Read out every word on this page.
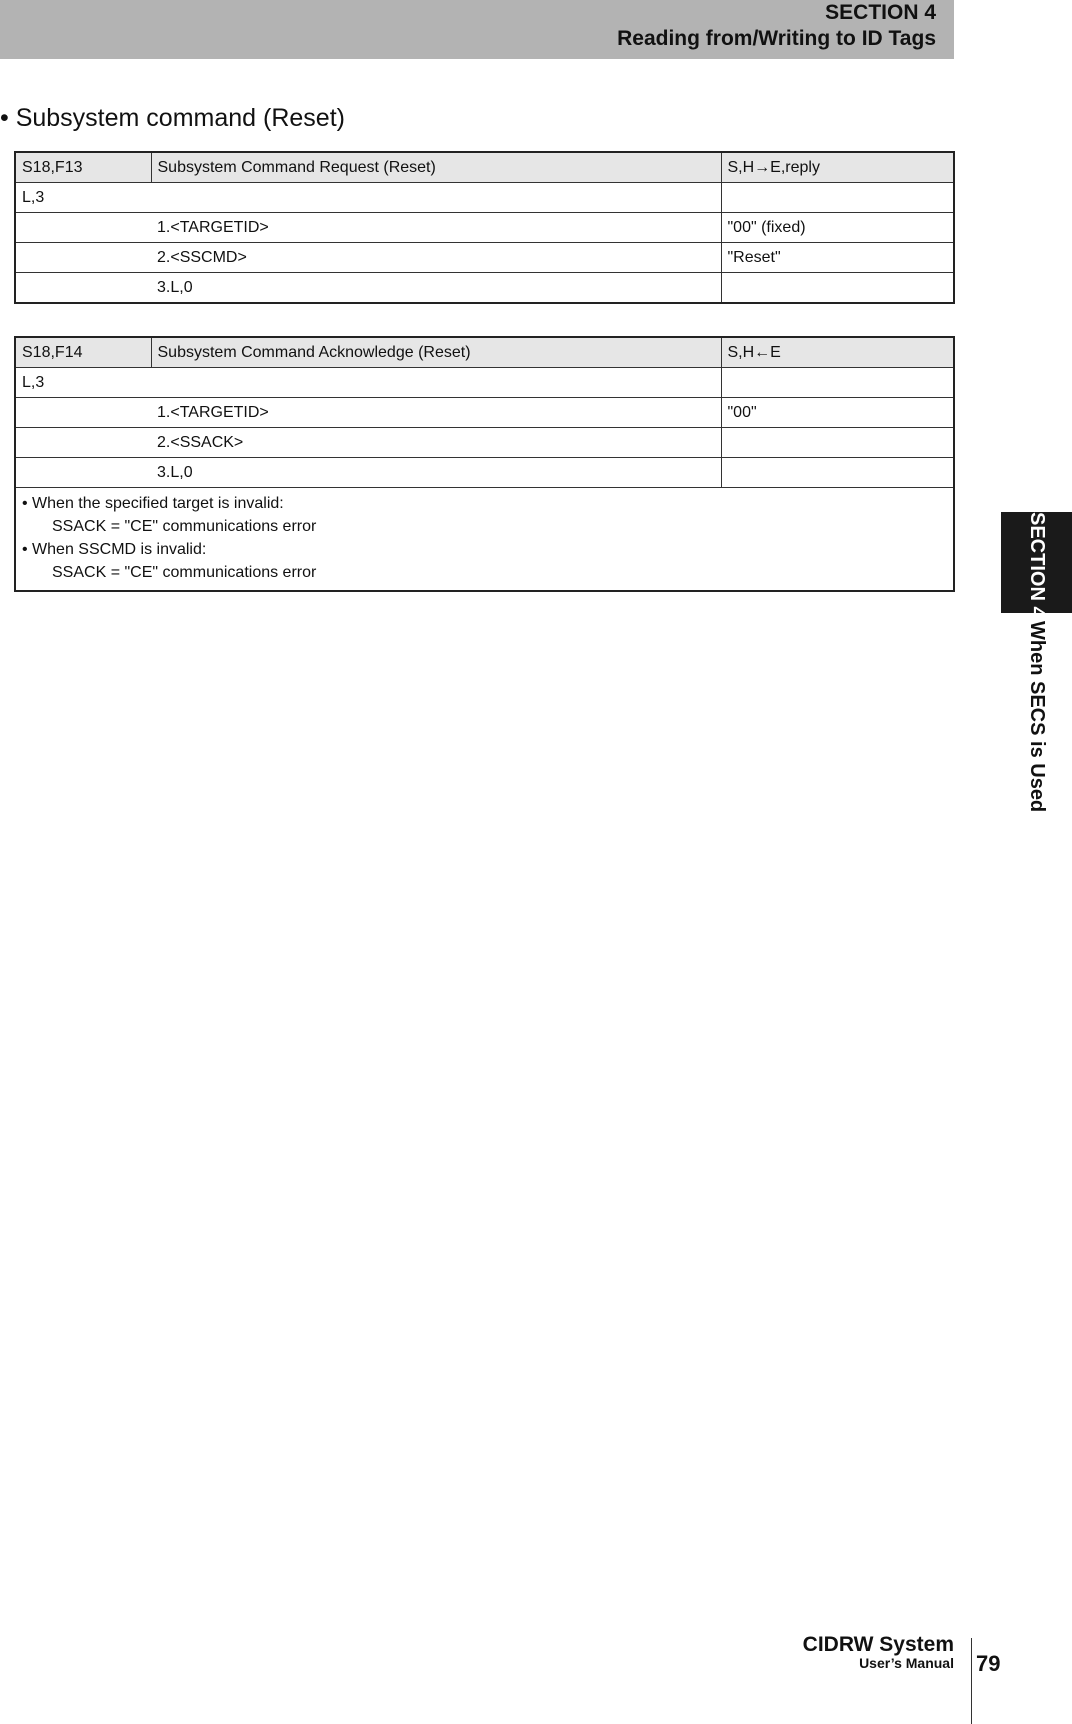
SECTION 4
Reading from/Writing to ID Tags
• Subsystem command (Reset)
S18,F13	Subsystem Command Request (Reset)	S,H→E,reply
L,3		
	1.<TARGETID>	"00" (fixed)
	2.<SSCMD>	"Reset"
	3.L,0	
S18,F14	Subsystem Command Acknowledge (Reset)	S,H←E
L,3		
	1.<TARGETID>	"00"
	2.<SSACK>	
	3.L,0	

• When the specified target is invalid:
SSACK = "CE" communications error
• When SSCMD is invalid:
SSACK = "CE" communications error			SECTION 4When SECS is Used
CIDRW System
User’s Manual 79
